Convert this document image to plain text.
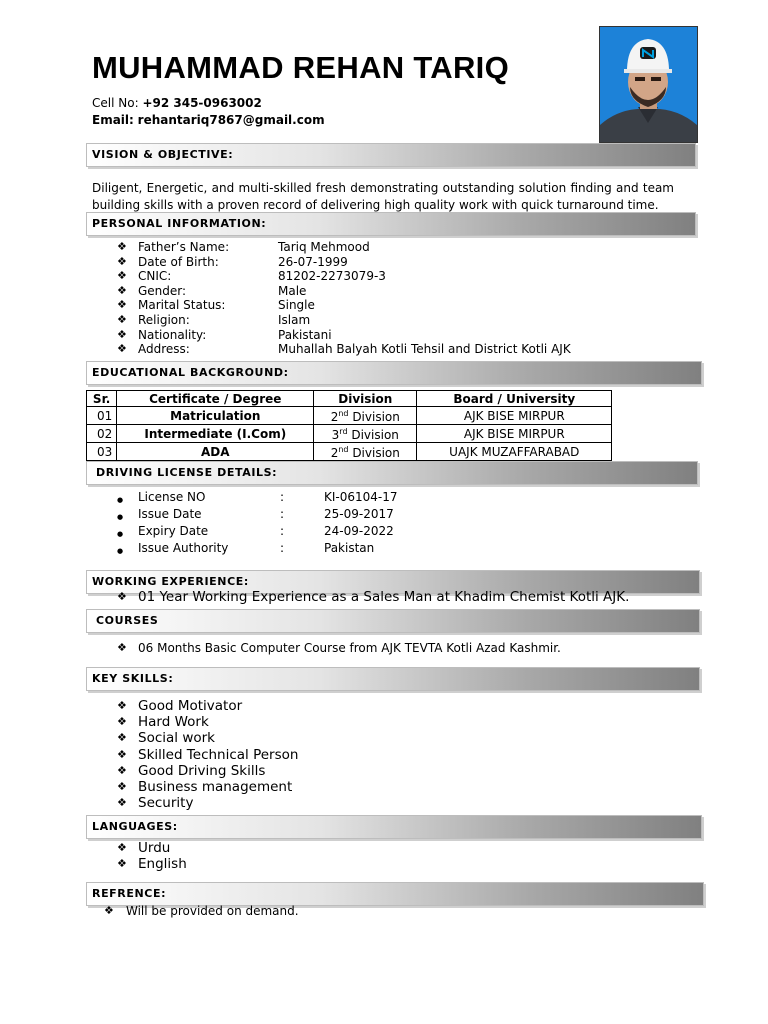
MUHAMMAD REHAN TARIQ
Cell No: +92 345-0963002
Email: rehantariq7867@gmail.com
VISION & OBJECTIVE:
Diligent, Energetic, and multi-skilled fresh demonstrating outstanding solution finding and team building skills with a proven record of delivering high quality work with quick turnaround time.
PERSONAL INFORMATION:
❖ Father’s Name:	Tariq Mehmood
❖ Date of Birth:	26-07-1999
❖ CNIC:	81202-2273079-3
❖ Gender:	Male
❖ Marital Status:	Single
❖ Religion:	Islam
❖ Nationality:	Pakistani
❖ Address:	Muhallah Balyah Kotli Tehsil and District Kotli AJK
EDUCATIONAL BACKGROUND:
Sr.	Certificate / Degree	Division	Board / University
01	Matriculation	2nd Division	AJK BISE MIRPUR
02	Intermediate (I.Com)	3rd Division	AJK BISE MIRPUR
03	ADA	2nd Division	UAJK MUZAFFARABAD
DRIVING LICENSE DETAILS:
● License NO	:	KI-06104-17
● Issue Date	:	25-09-2017
● Expiry Date	:	24-09-2022
● Issue Authority	:	Pakistan
WORKING EXPERIENCE:
❖ 01 Year Working Experience as a Sales Man at Khadim Chemist Kotli AJK.
COURSES
❖ 06 Months Basic Computer Course from AJK TEVTA Kotli Azad Kashmir.
KEY SKILLS:
❖ Good Motivator
❖ Hard Work
❖ Social work
❖ Skilled Technical Person
❖ Good Driving Skills
❖ Business management
❖ Security
LANGUAGES:
❖ Urdu
❖ English
REFRENCE:
❖ Will be provided on demand.
